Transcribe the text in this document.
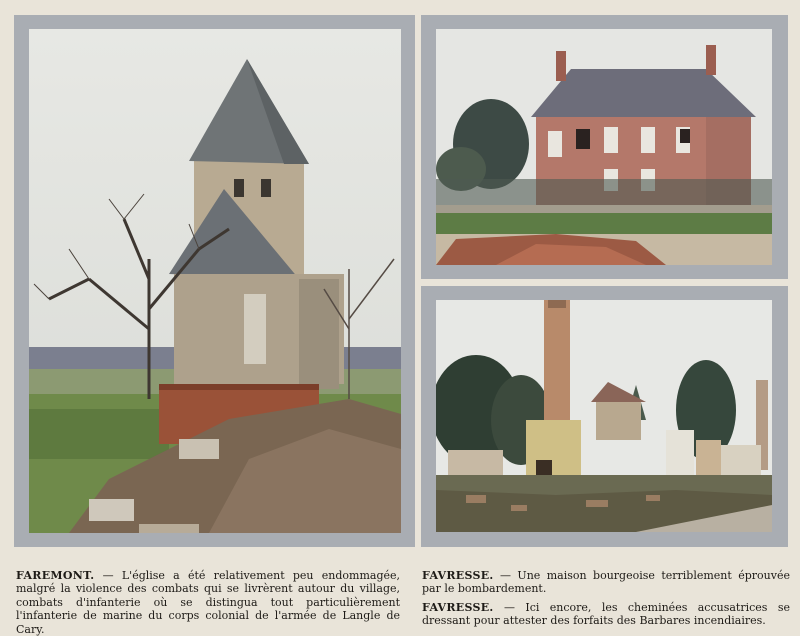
FAREMONT. — L'église a été relativement peu endommagée, malgré la violence des combats qui se livrèrent autour du village, combats d'infanterie où se distingua tout particulièrement l'infanterie de marine du corps colonial de l'armée de Langle de Cary.

FAVRESSE. — Une maison bourgeoise terriblement éprouvée par le bombardement.

FAVRESSE. — Ici encore, les cheminées accusatrices se dressant pour attester des forfaits des Barbares incendiaires.
